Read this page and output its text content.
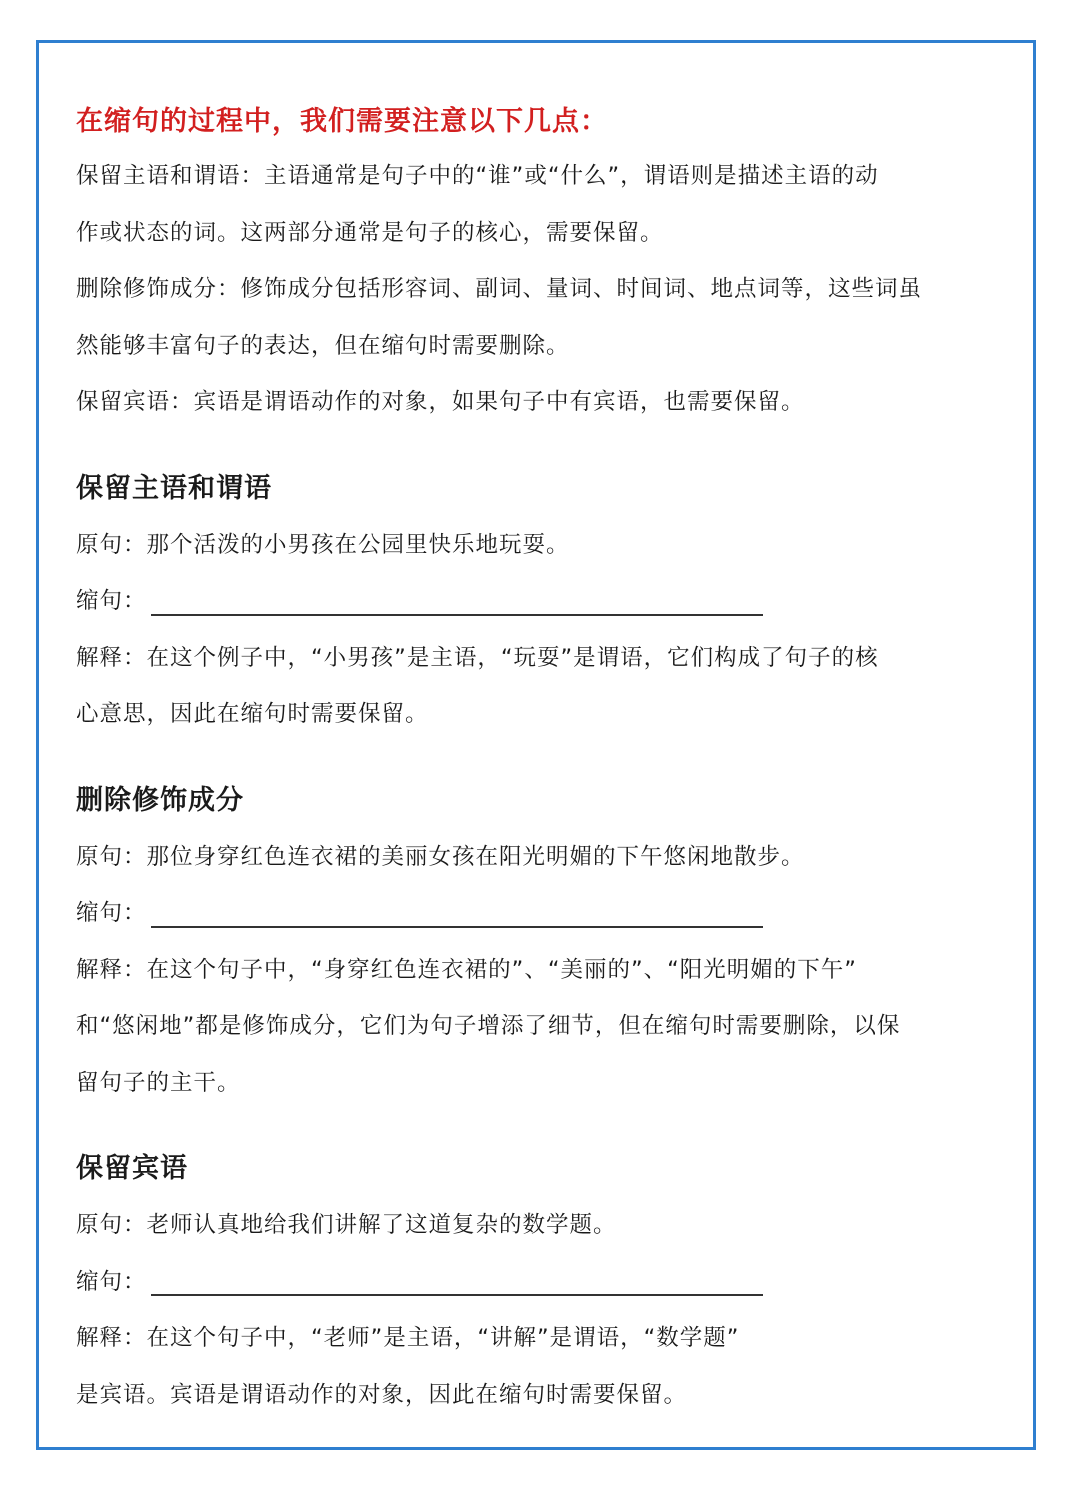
在缩句的过程中，我们需要注意以下几点：

保留主语和谓语：主语通常是句子中的“谁”或“什么”，谓语则是描述主语的动

作或状态的词。这两部分通常是句子的核心，需要保留。

删除修饰成分：修饰成分包括形容词、副词、量词、时间词、地点词等，这些词虽

然能够丰富句子的表达，但在缩句时需要删除。

保留宾语：宾语是谓语动作的对象，如果句子中有宾语，也需要保留。

保留主语和谓语

原句：那个活泼的小男孩在公园里快乐地玩耍。

缩句：

解释：在这个例子中，“小男孩”是主语，“玩耍”是谓语，它们构成了句子的核

心意思，因此在缩句时需要保留。

删除修饰成分

原句：那位身穿红色连衣裙的美丽女孩在阳光明媚的下午悠闲地散步。

缩句：

解释：在这个句子中，“身穿红色连衣裙的”、“美丽的”、“阳光明媚的下午”

和“悠闲地”都是修饰成分，它们为句子增添了细节，但在缩句时需要删除，以保

留句子的主干。

保留宾语

原句：老师认真地给我们讲解了这道复杂的数学题。

缩句：

解释：在这个句子中，“老师”是主语，“讲解”是谓语，“数学题”

是宾语。宾语是谓语动作的对象，因此在缩句时需要保留。
